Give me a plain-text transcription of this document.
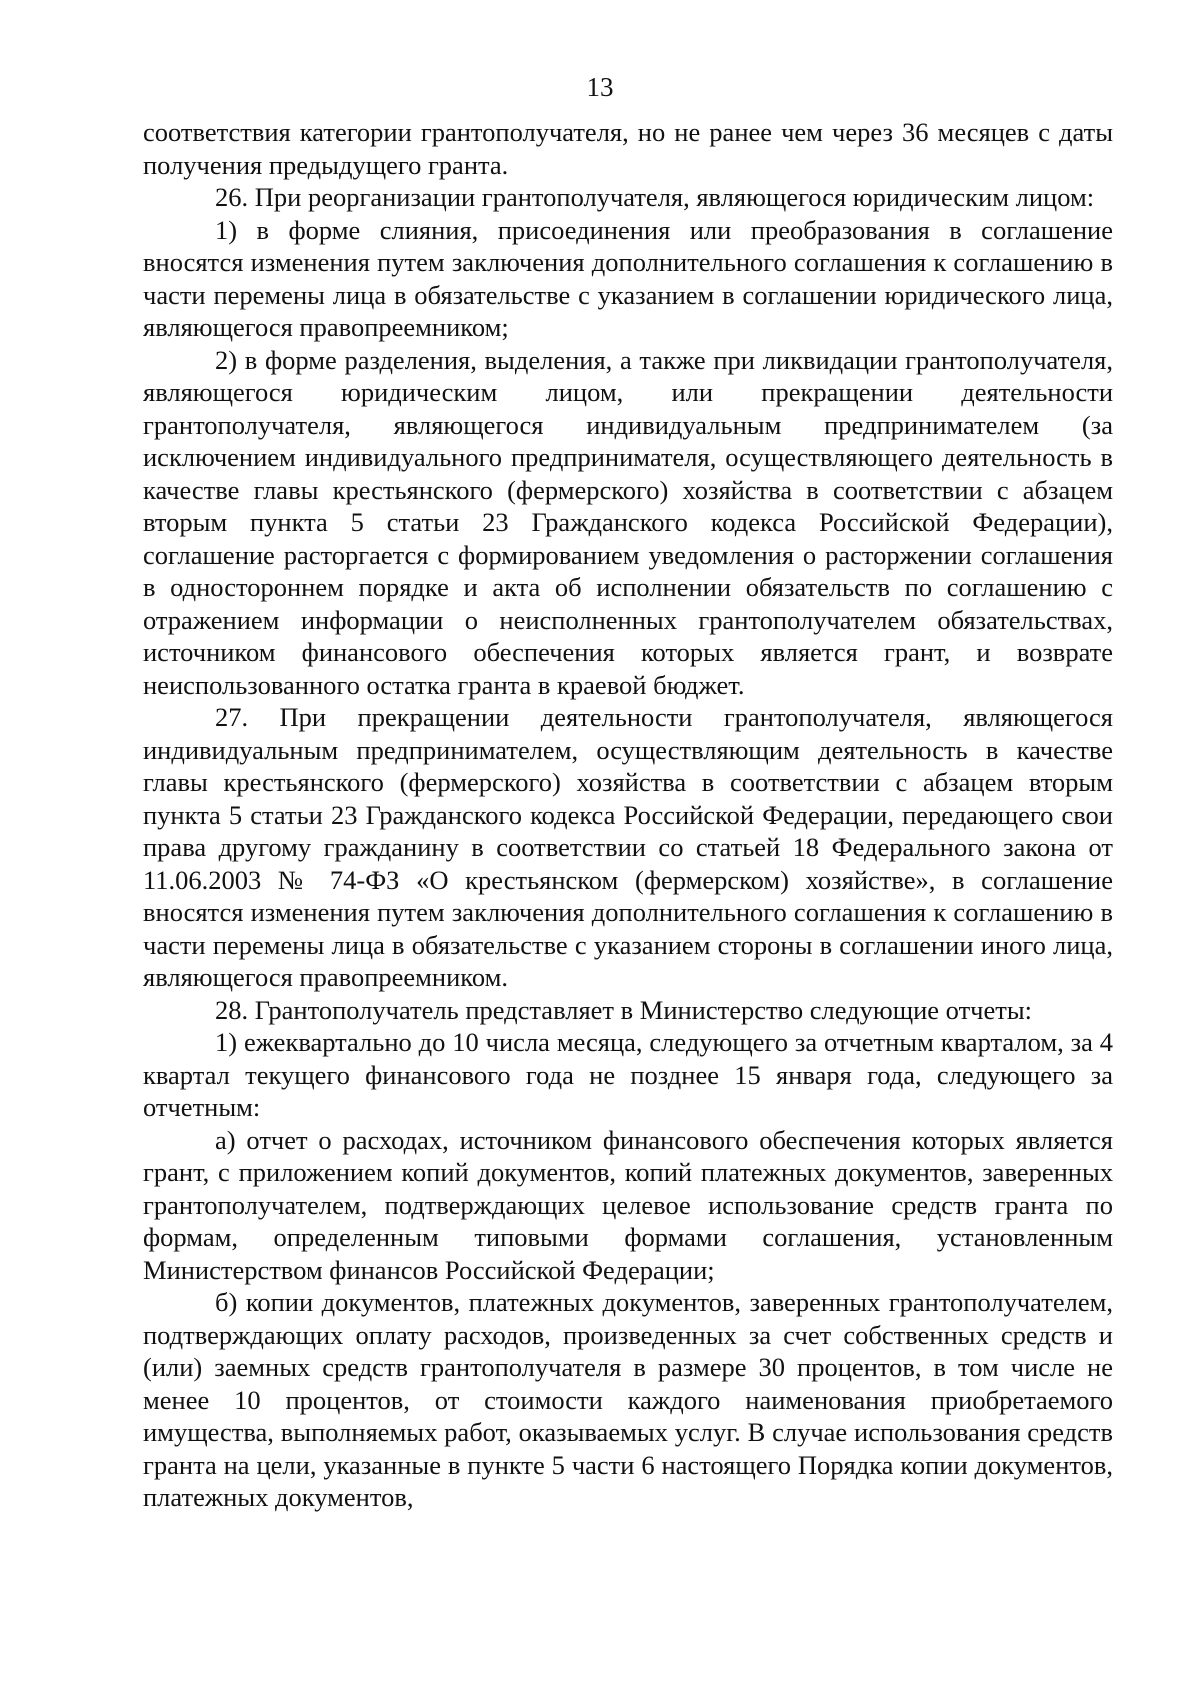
13

соответствия категории грантополучателя, но не ранее чем через 36 месяцев с даты получения предыдущего гранта.

26. При реорганизации грантополучателя, являющегося юридическим лицом:

1) в форме слияния, присоединения или преобразования в соглашение вносятся изменения путем заключения дополнительного соглашения к соглашению в части перемены лица в обязательстве с указанием в соглашении юридического лица, являющегося правопреемником;

2) в форме разделения, выделения, а также при ликвидации грантополучателя, являющегося юридическим лицом, или прекращении деятельности грантополучателя, являющегося индивидуальным предпринимателем (за исключением индивидуального предпринимателя, осуществляющего деятельность в качестве главы крестьянского (фермерского) хозяйства в соответствии с абзацем вторым пункта 5 статьи 23 Гражданского кодекса Российской Федерации), соглашение расторгается с формированием уведомления о расторжении соглашения в одностороннем порядке и акта об исполнении обязательств по соглашению с отражением информации о неисполненных грантополучателем обязательствах, источником финансового обеспечения которых является грант, и возврате неиспользованного остатка гранта в краевой бюджет.

27. При прекращении деятельности грантополучателя, являющегося индивидуальным предпринимателем, осуществляющим деятельность в качестве главы крестьянского (фермерского) хозяйства в соответствии с абзацем вторым пункта 5 статьи 23 Гражданского кодекса Российской Федерации, передающего свои права другому гражданину в соответствии со статьей 18 Федерального закона от 11.06.2003 № 74-ФЗ «О крестьянском (фермерском) хозяйстве», в соглашение вносятся изменения путем заключения дополнительного соглашения к соглашению в части перемены лица в обязательстве с указанием стороны в соглашении иного лица, являющегося правопреемником.

28. Грантополучатель представляет в Министерство следующие отчеты:

1) ежеквартально до 10 числа месяца, следующего за отчетным кварталом, за 4 квартал текущего финансового года не позднее 15 января года, следующего за отчетным:

а) отчет о расходах, источником финансового обеспечения которых является грант, с приложением копий документов, копий платежных документов, заверенных грантополучателем, подтверждающих целевое использование средств гранта по формам, определенным типовыми формами соглашения, установленным Министерством финансов Российской Федерации;

б) копии документов, платежных документов, заверенных грантополучателем, подтверждающих оплату расходов, произведенных за счет собственных средств и (или) заемных средств грантополучателя в размере 30 процентов, в том числе не менее 10 процентов, от стоимости каждого наименования приобретаемого имущества, выполняемых работ, оказываемых услуг. В случае использования средств гранта на цели, указанные в пункте 5 части 6 настоящего Порядка копии документов, платежных документов,
